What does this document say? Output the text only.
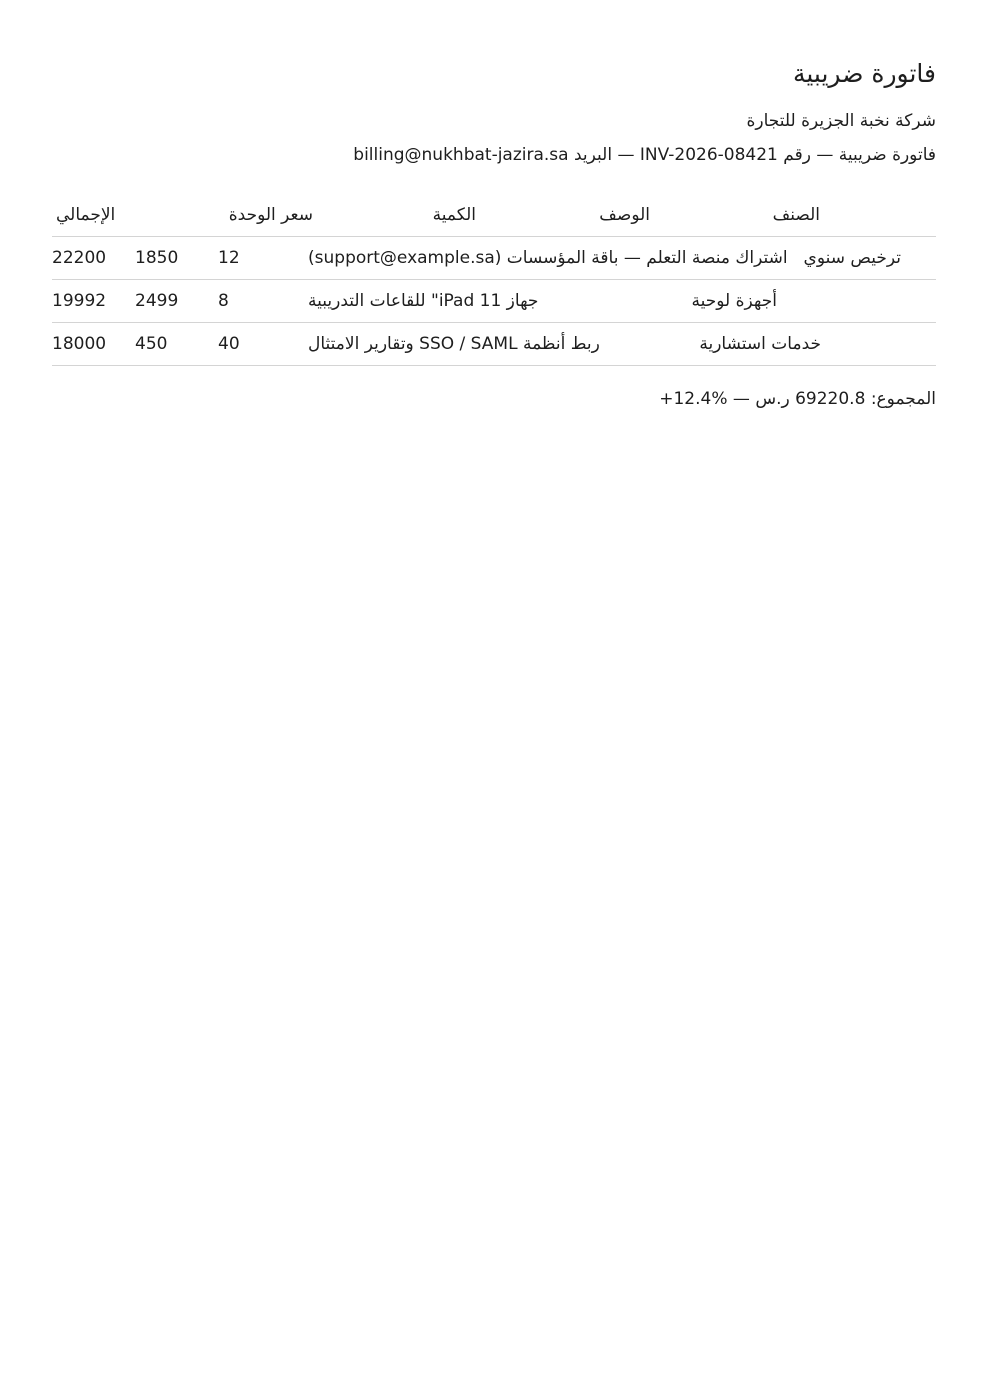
فاتورة ضريبية
شركة نخبة الجزيرة للتجارة
فاتورة ضريبية — رقم

INV-2026-08421

— البريد

billing@nukhbat-jazira.sa
الصنف
الوصف
الكمية
سعر الوحدة
الإجمالي
ترخيص سنوي
اشتراك منصة التعلم — باقة المؤسسات (support@example.sa)
12
1850
22200
أجهزة لوحية
جهاز iPad 11" للقاعات التدريبية
8
2499
19992
خدمات استشارية
ربط أنظمة SSO / SAML وتقارير الامتثال
40
450
18000
المجموع:

69220.8

ر.س

—

+12.4%
